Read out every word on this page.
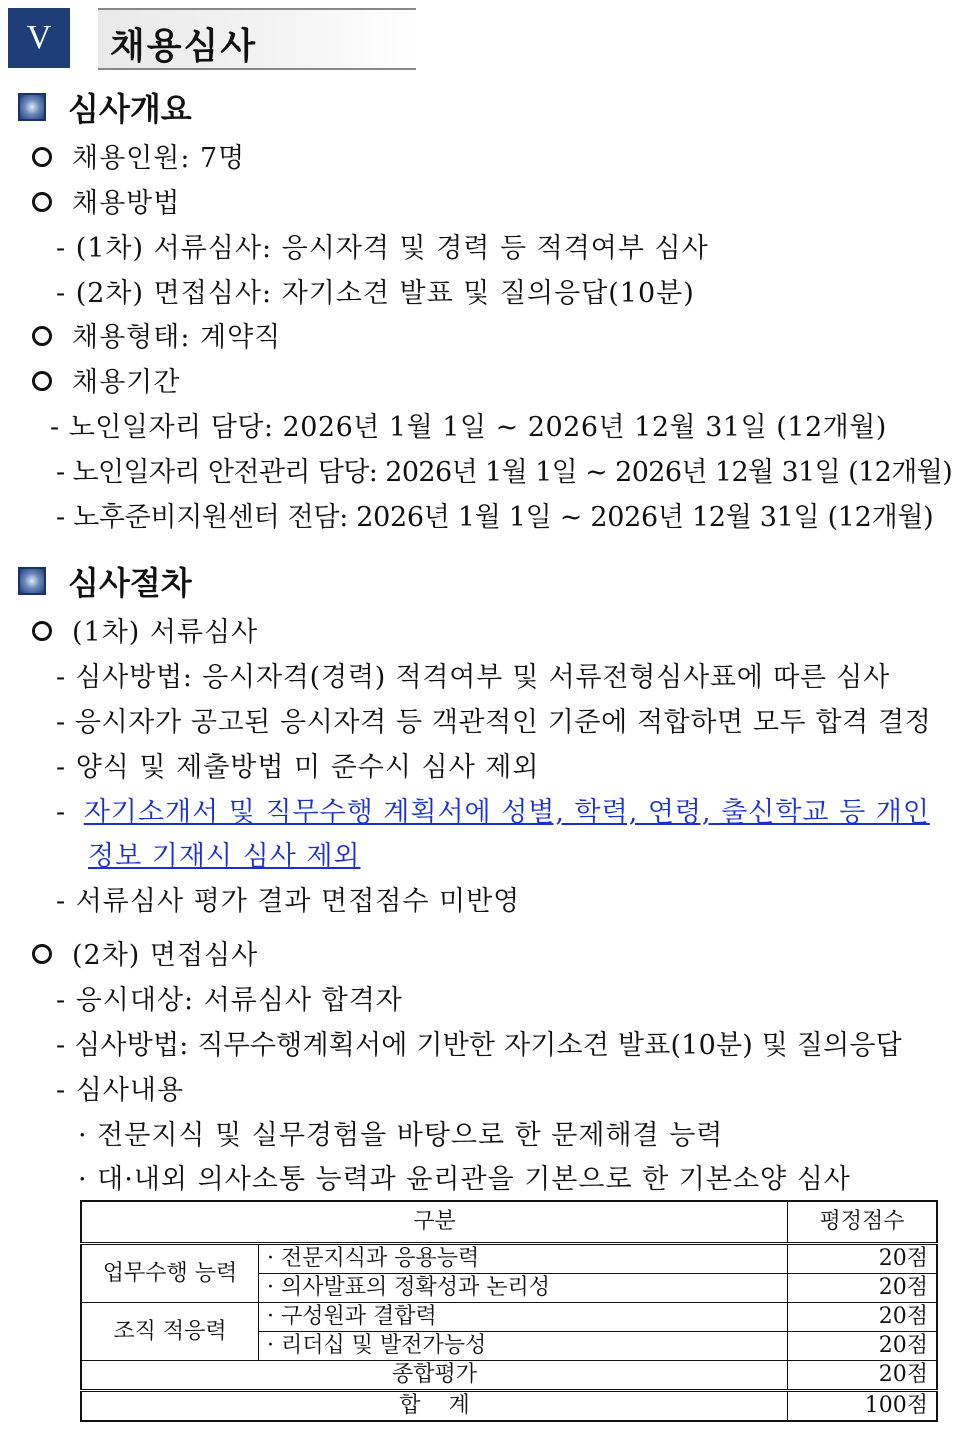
V	채용심사
심사개요
채용인원: 7명
채용방법
- (1차) 서류심사: 응시자격 및 경력 등 적격여부 심사
- (2차) 면접심사: 자기소견 발표 및 질의응답(10분)
채용형태: 계약직
채용기간
- 노인일자리 담당: 2026년 1월 1일 ~ 2026년 12월 31일 (12개월)
- 노인일자리 안전관리 담당: 2026년 1월 1일 ~ 2026년 12월 31일 (12개월)
- 노후준비지원센터 전담: 2026년 1월 1일 ~ 2026년 12월 31일 (12개월)
심사절차
(1차) 서류심사
- 심사방법: 응시자격(경력) 적격여부 및 서류전형심사표에 따른 심사
- 응시자가 공고된 응시자격 등 객관적인 기준에 적합하면 모두 합격 결정
- 양식 및 제출방법 미 준수시 심사 제외
- 자기소개서 및 직무수행 계획서에 성별, 학력, 연령, 출신학교 등 개인
정보 기재시 심사 제외
- 서류심사 평가 결과 면접점수 미반영
(2차) 면접심사
- 응시대상: 서류심사 합격자
- 심사방법: 직무수행계획서에 기반한 자기소견 발표(10분) 및 질의응답
- 심사내용
· 전문지식 및 실무경험을 바탕으로 한 문제해결 능력
· 대·내외 의사소통 능력과 윤리관을 기본으로 한 기본소양 심사
구분		평정점수
업무수행 능력	· 전문지식과 응용능력	20점
	· 의사발표의 정확성과 논리성	20점
조직 적응력	· 구성원과 결합력	20점
	· 리더십 및 발전가능성	20점
종합평가		20점
합    계		100점
